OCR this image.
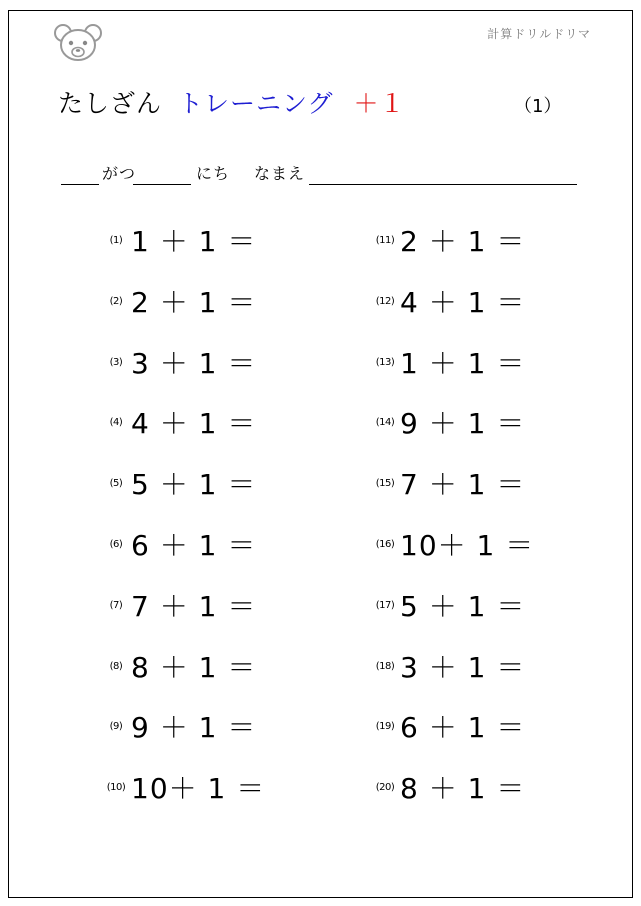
計算ドリルドリマ
たしざん トレーニング ＋１	（1）
がつ	にち なまえ
(1) 1 ＋ 1 ＝
(2) 2 ＋ 1 ＝
(3) 3 ＋ 1 ＝
(4) 4 ＋ 1 ＝
(5) 5 ＋ 1 ＝
(6) 6 ＋ 1 ＝
(7) 7 ＋ 1 ＝
(8) 8 ＋ 1 ＝
(9) 9 ＋ 1 ＝
(10) 10＋ 1 ＝
(11) 2 ＋ 1 ＝
(12) 4 ＋ 1 ＝
(13) 1 ＋ 1 ＝
(14) 9 ＋ 1 ＝
(15) 7 ＋ 1 ＝
(16) 10＋ 1 ＝
(17) 5 ＋ 1 ＝
(18) 3 ＋ 1 ＝
(19) 6 ＋ 1 ＝
(20) 8 ＋ 1 ＝
